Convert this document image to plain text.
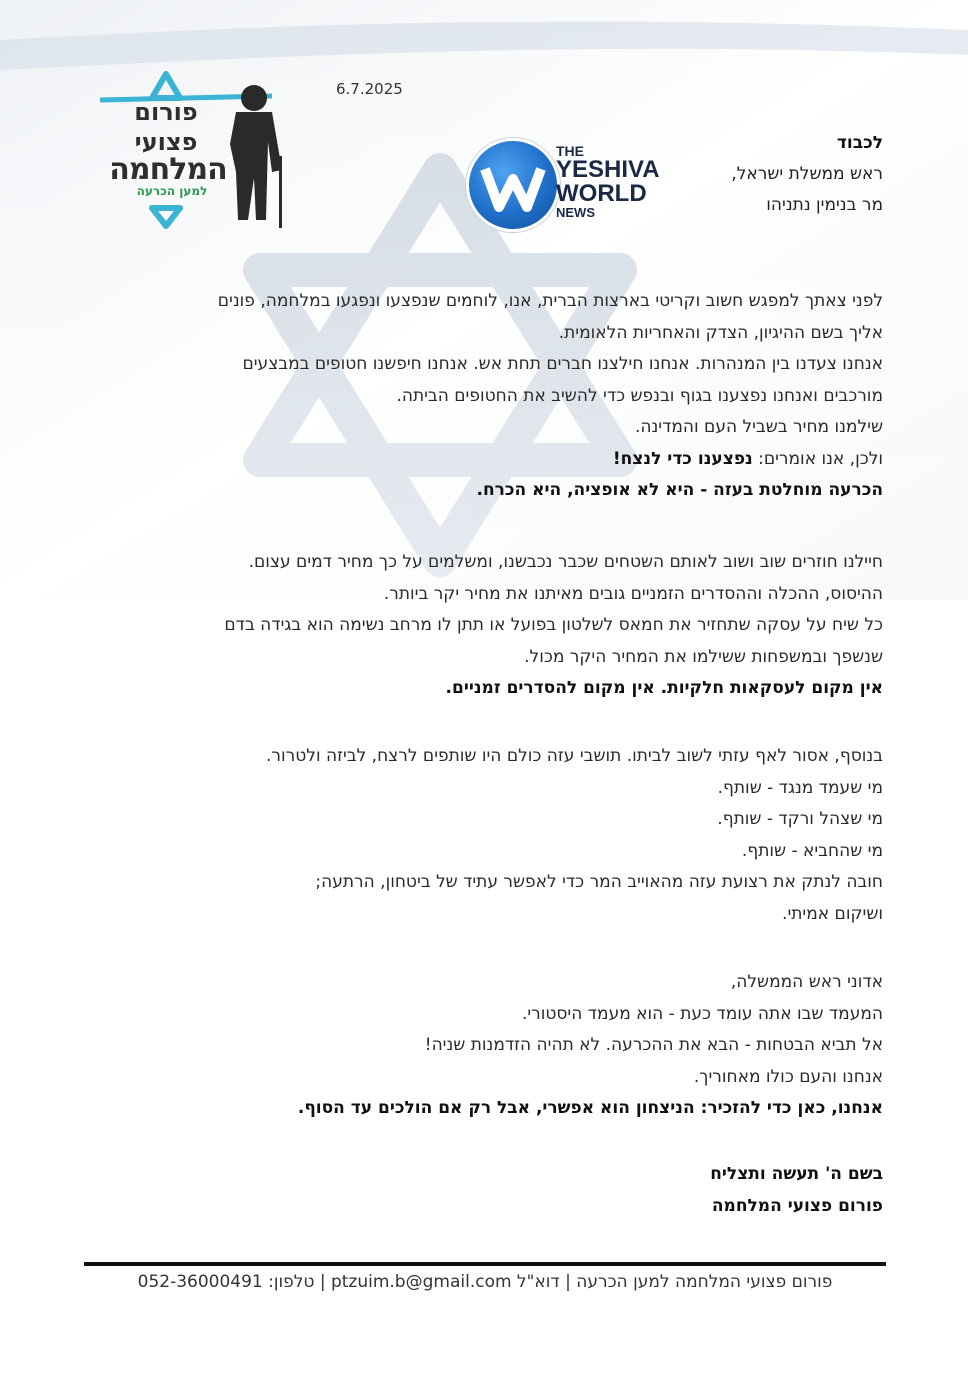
פורום
פצועי
המלחמה
למען הכרעה
6.7.2025
THE
YESHIVA
WORLD
NEWS
לכבוד
ראש ממשלת ישראל,
מר בנימין נתניהו
לפני צאתך למפגש חשוב וקריטי בארצות הברית, אנו, לוחמים שנפצעו ונפגעו במלחמה, פונים
אליך בשם ההיגיון, הצדק והאחריות הלאומית.
אנחנו צעדנו בין המנהרות. אנחנו חילצנו חברים תחת אש. אנחנו חיפשנו חטופים במבצעים
מורכבים ואנחנו נפצענו בגוף ובנפש כדי להשיב את החטופים הביתה.
שילמנו מחיר בשביל העם והמדינה.
ולכן, אנו אומרים: נפצענו כדי לנצח!
הכרעה מוחלטת בעזה - היא לא אופציה, היא הכרח.
חיילנו חוזרים שוב ושוב לאותם השטחים שכבר נכבשנו, ומשלמים על כך מחיר דמים עצום.
ההיסוס, ההכלה וההסדרים הזמניים גובים מאיתנו את מחיר יקר ביותר.
כל שיח על עסקה שתחזיר את חמאס לשלטון בפועל או תתן לו מרחב נשימה הוא בגידה בדם
שנשפך ובמשפחות ששילמו את המחיר היקר מכול.
אין מקום לעסקאות חלקיות. אין מקום להסדרים זמניים.
בנוסף, אסור לאף עזתי לשוב לביתו. תושבי עזה כולם היו שותפים לרצח, לביזה ולטרור.
מי שעמד מנגד - שותף.
מי שצהל ורקד - שותף.
מי שהחביא - שותף.
חובה לנתק את רצועת עזה מהאוייב המר כדי לאפשר עתיד של ביטחון, הרתעה;
ושיקום אמיתי.
אדוני ראש הממשלה,
המעמד שבו אתה עומד כעת - הוא מעמד היסטורי.
אל תביא הבטחות - הבא את ההכרעה. לא תהיה הזדמנות שניה!
אנחנו והעם כולו מאחוריך.
אנחנו, כאן כדי להזכיר: הניצחון הוא אפשרי, אבל רק אם הולכים עד הסוף.
בשם ה' תעשה ותצליח
פורום פצועי המלחמה
פורום פצועי המלחמה למען הכרעה | דוא"ל ptzuim.b@gmail.com | טלפון: 052-36000491
